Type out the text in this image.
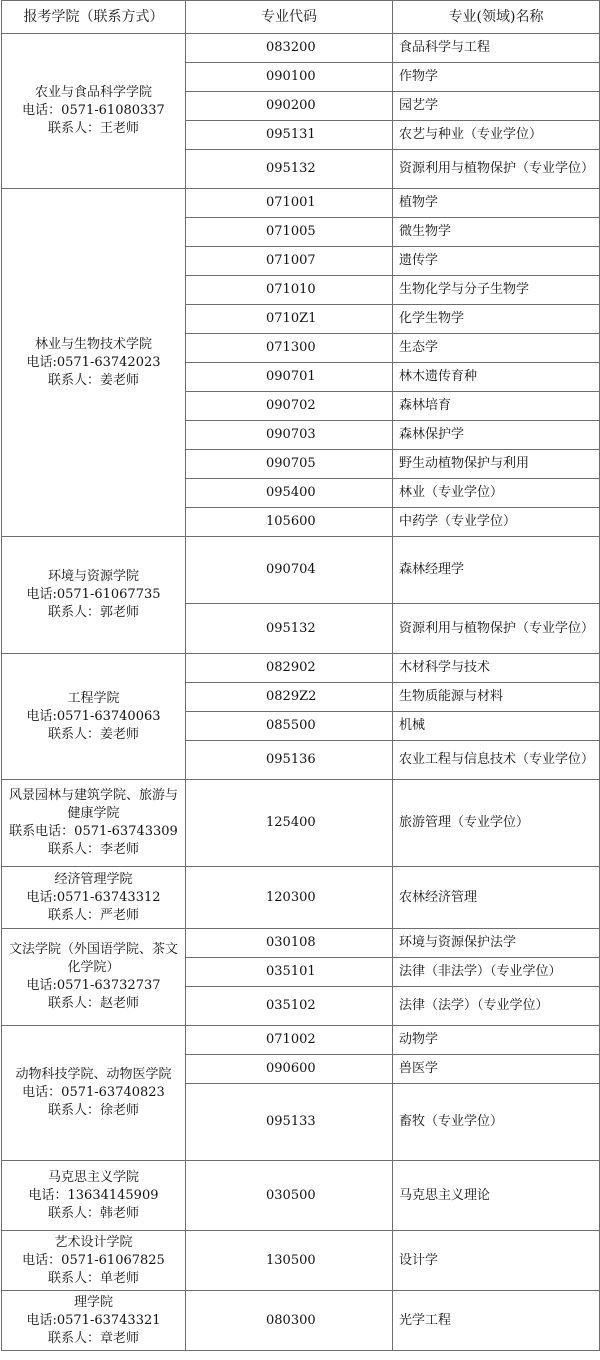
报考学院（联系方式）	专业代码	专业(领域)名称

农业与食品科学学院
电话：0571-61080337
联系人：王老师	083200	食品科学与工程
	090100	作物学
	090200	园艺学
	095131	农艺与种业（专业学位）
	095132	资源利用与植物保护（专业学位）

林业与生物技术学院
电话:0571-63742023
联系人：姜老师	071001	植物学
	071005	微生物学
	071007	遗传学
	071010	生物化学与分子生物学
	0710Z1	化学生物学
	071300	生态学
	090701	林木遗传育种
	090702	森林培育
	090703	森林保护学
	090705	野生动植物保护与利用
	095400	林业（专业学位）
	105600	中药学（专业学位）

环境与资源学院
电话:0571-61067735
联系人：郭老师	090704	森林经理学
	095132	资源利用与植物保护（专业学位）

工程学院
电话:0571-63740063
联系人：姜老师	082902	木材科学与技术
	0829Z2	生物质能源与材料
	085500	机械
	095136	农业工程与信息技术（专业学位）

风景园林与建筑学院、旅游与健康学院
联系电话：0571-63743309
联系人：李老师	125400	旅游管理（专业学位）

经济管理学院
电话:0571-63743312
联系人：严老师	120300	农林经济管理

文法学院（外国语学院、茶文化学院）
电话:0571-63732737
联系人：赵老师	030108	环境与资源保护法学
	035101	法律（非法学）（专业学位）
	035102	法律（法学）（专业学位）

动物科技学院、动物医学院
电话：0571-63740823
联系人：徐老师	071002	动物学
	090600	兽医学
	095133	畜牧（专业学位）

马克思主义学院
电话：13634145909
联系人：韩老师	030500	马克思主义理论

艺术设计学院
电话：0571-61067825
联系人：单老师	130500	设计学

理学院
电话:0571-63743321
联系人：章老师	080300	光学工程
